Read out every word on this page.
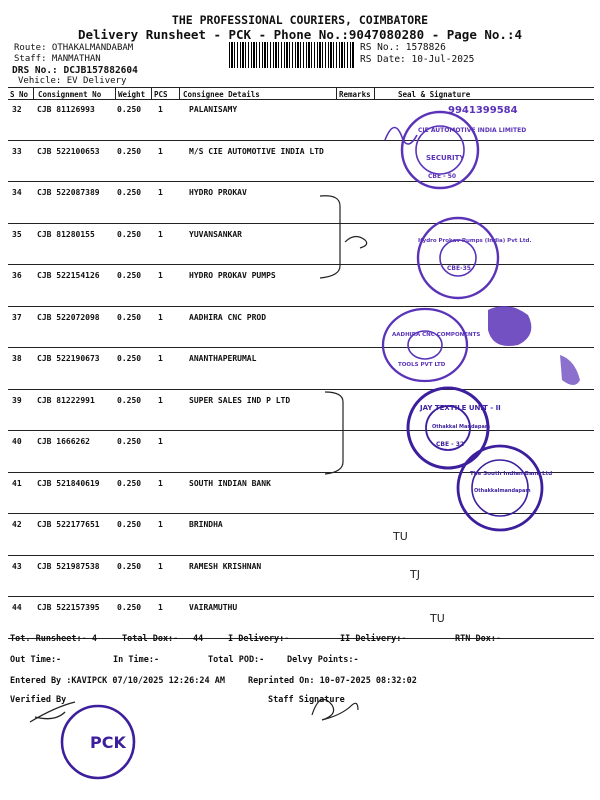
THE PROFESSIONAL COURIERS, COIMBATORE
Delivery Runsheet - PCK - Phone No.:9047080280 - Page No.:4
Route: OTHAKALMANDABAM
Staff: MANMATHAN
DRS No.: DCJB157882604
Vehicle: EV Delivery
RS No.: 1578826
RS Date: 10-Jul-2025
S No Consignment No Weight PCS Consignee Details	Remarks	Seal & Signature
32 CJB 81126993	0.250 1	PALANISAMY
33 CJB 522100653 0.250 1	M/S CIE AUTOMOTIVE INDIA LTD
34 CJB 522087389 0.250 1	HYDRO PROKAV
35 CJB 81280155	0.250 1	YUVANSANKAR
36 CJB 522154126 0.250 1	HYDRO PROKAV PUMPS
37 CJB 522072098 0.250 1	AADHIRA CNC PROD
38 CJB 522190673 0.250 1	ANANTHAPERUMAL
39 CJB 81222991	0.250 1	SUPER SALES IND P LTD
40 CJB 1666262	0.250 1
41 CJB 521840619 0.250 1	SOUTH INDIAN BANK
42 CJB 522177651 0.250 1	BRINDHA
43 CJB 521987538 0.250 1	RAMESH KRISHNAN
44 CJB 522157395 0.250 1	VAIRAMUTHU
9941399584
CIE AUTOMOTIVE INDIA LIMITED
SECURITY
CBE - 50
Hydro Prokav Pumps (India) Pvt Ltd.
CBE-35
AADHIRA CNC COMPONENTS
TOOLS PVT LTD
JAY TEXTILE UNIT - II
Othakkal Mandapam
CBE - 32
The South Indian Bank Ltd
Othakkalmandapam
PCK
TU
TJ
TU
Tot. Runsheet:- 4	Total Dox:- 44	I Delivery:-	II Delivery:-	RTN Dox:-
Out Time:-	In Time:-	Total POD:-	Delvy Points:-
Entered By :KAVIPCK 07/10/2025 12:26:24 AM	Reprinted On: 10-07-2025 08:32:02
Verified By	Staff Signature
